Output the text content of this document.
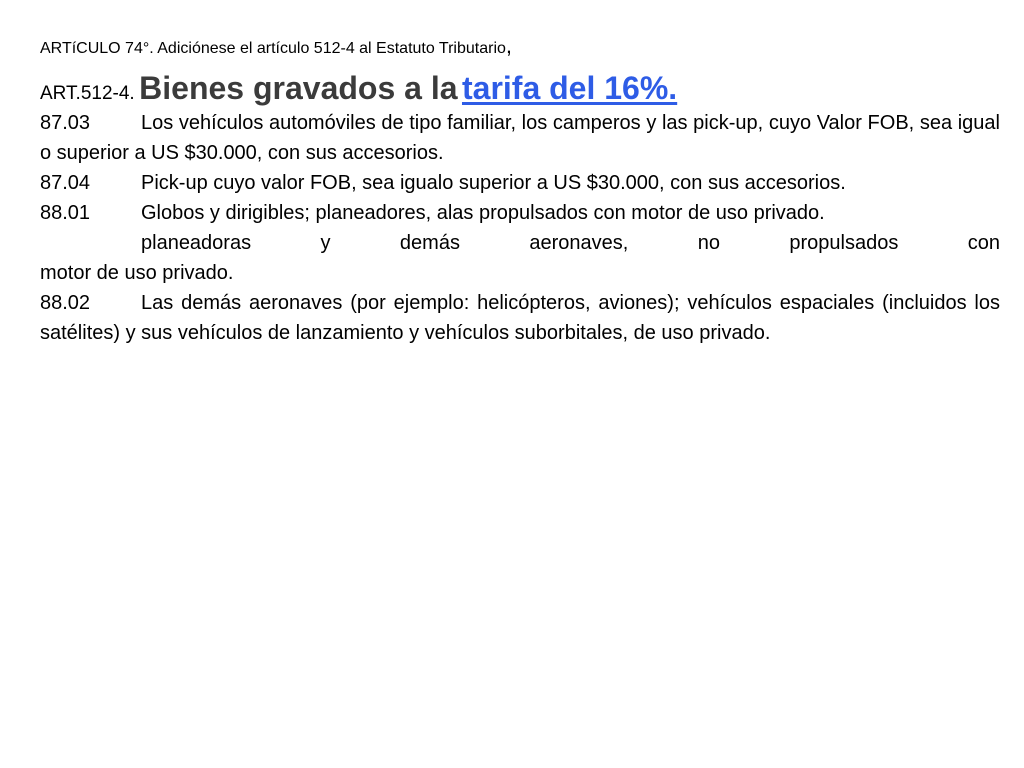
ARTíCULO 74°. Adiciónese el artículo 512-4 al Estatuto Tributario,
ART.512-4. Bienes gravados a la tarifa del 16%.

87.03	Los vehículos automóviles de tipo familiar, los camperos y las pick-up, cuyo Valor FOB, sea igual o superior a US $30.000, con sus accesorios.

87.04	Pick-up cuyo valor FOB, sea igualo superior a US $30.000, con sus accesorios.

88.01	Globos y dirigibles; planeadores, alas propulsados con motor de uso privado.
planeadoras y demás aeronaves, no propulsados con
motor de uso privado.

88.02	Las demás aeronaves (por ejemplo: helicópteros, aviones); vehículos espaciales (incluidos los satélites) y sus vehículos de lanzamiento y vehículos suborbitales, de uso privado.
